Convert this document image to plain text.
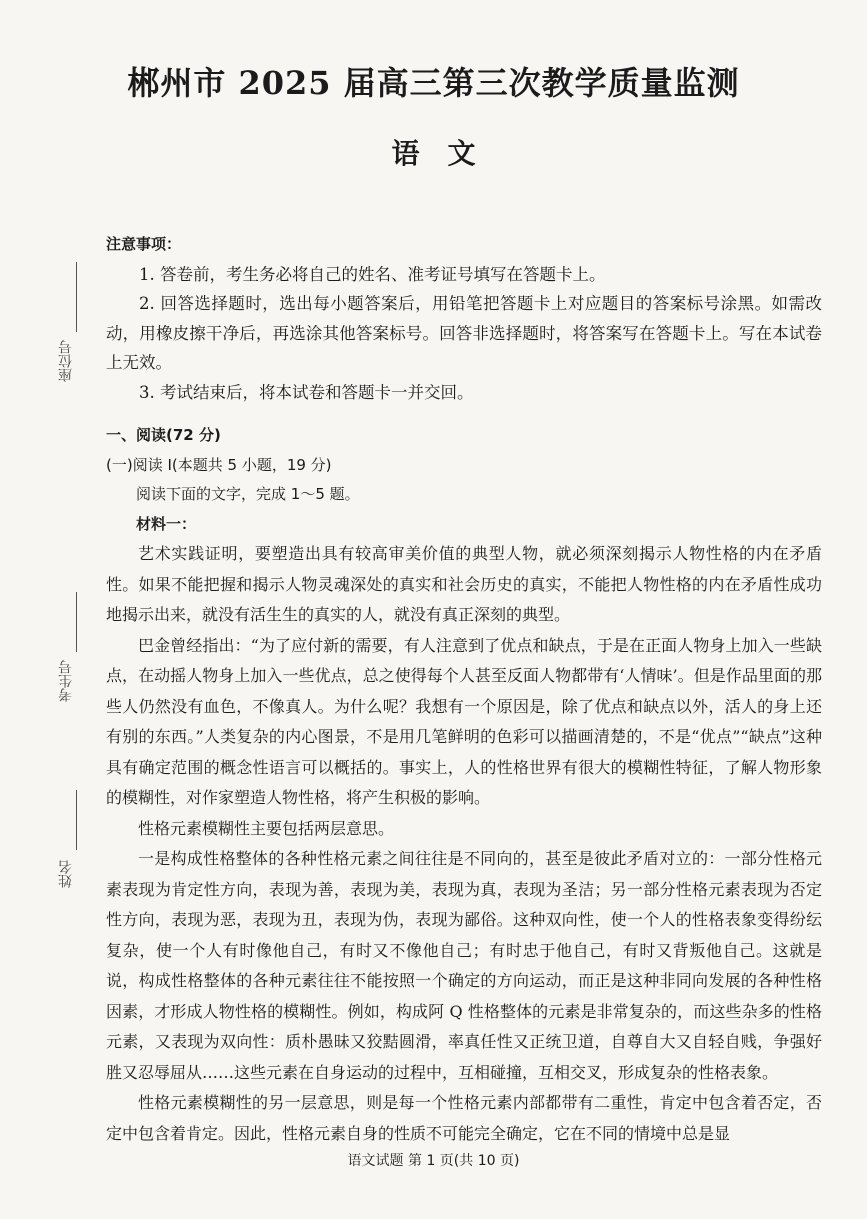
郴州市 2025 届高三第三次教学质量监测
语文
座位号
考生号
姓名

注意事项：

1. 答卷前，考生务必将自己的姓名、准考证号填写在答题卡上。

2. 回答选择题时，选出每小题答案后，用铅笔把答题卡上对应题目的答案标号涂黑。如需改动，用橡皮擦干净后，再选涂其他答案标号。回答非选择题时，将答案写在答题卡上。写在本试卷上无效。

3. 考试结束后，将本试卷和答题卡一并交回。

一、阅读(72 分)

(一)阅读 I(本题共 5 小题，19 分)

阅读下面的文字，完成 1～5 题。

材料一：

艺术实践证明，要塑造出具有较高审美价值的典型人物，就必须深刻揭示人物性格的内在矛盾性。如果不能把握和揭示人物灵魂深处的真实和社会历史的真实，不能把人物性格的内在矛盾性成功地揭示出来，就没有活生生的真实的人，就没有真正深刻的典型。

巴金曾经指出：“为了应付新的需要，有人注意到了优点和缺点，于是在正面人物身上加入一些缺点，在动摇人物身上加入一些优点，总之使得每个人甚至反面人物都带有‘人情味’。但是作品里面的那些人仍然没有血色，不像真人。为什么呢？我想有一个原因是，除了优点和缺点以外，活人的身上还有别的东西。”人类复杂的内心图景，不是用几笔鲜明的色彩可以描画清楚的，不是“优点”“缺点”这种具有确定范围的概念性语言可以概括的。事实上，人的性格世界有很大的模糊性特征，了解人物形象的模糊性，对作家塑造人物性格，将产生积极的影响。

性格元素模糊性主要包括两层意思。

一是构成性格整体的各种性格元素之间往往是不同向的，甚至是彼此矛盾对立的：一部分性格元素表现为肯定性方向，表现为善，表现为美，表现为真，表现为圣洁；另一部分性格元素表现为否定性方向，表现为恶，表现为丑，表现为伪，表现为鄙俗。这种双向性，使一个人的性格表象变得纷纭复杂，使一个人有时像他自己，有时又不像他自己；有时忠于他自己，有时又背叛他自己。这就是说，构成性格整体的各种元素往往不能按照一个确定的方向运动，而正是这种非同向发展的各种性格因素，才形成人物性格的模糊性。例如，构成阿 Q 性格整体的元素是非常复杂的，而这些杂多的性格元素，又表现为双向性：质朴愚昧又狡黠圆滑，率真任性又正统卫道，自尊自大又自轻自贱，争强好胜又忍辱屈从……这些元素在自身运动的过程中，互相碰撞，互相交叉，形成复杂的性格表象。

性格元素模糊性的另一层意思，则是每一个性格元素内部都带有二重性，肯定中包含着否定，否定中包含着肯定。因此，性格元素自身的性质不可能完全确定，它在不同的情境中总是显

语文试题 第 1 页(共 10 页)
